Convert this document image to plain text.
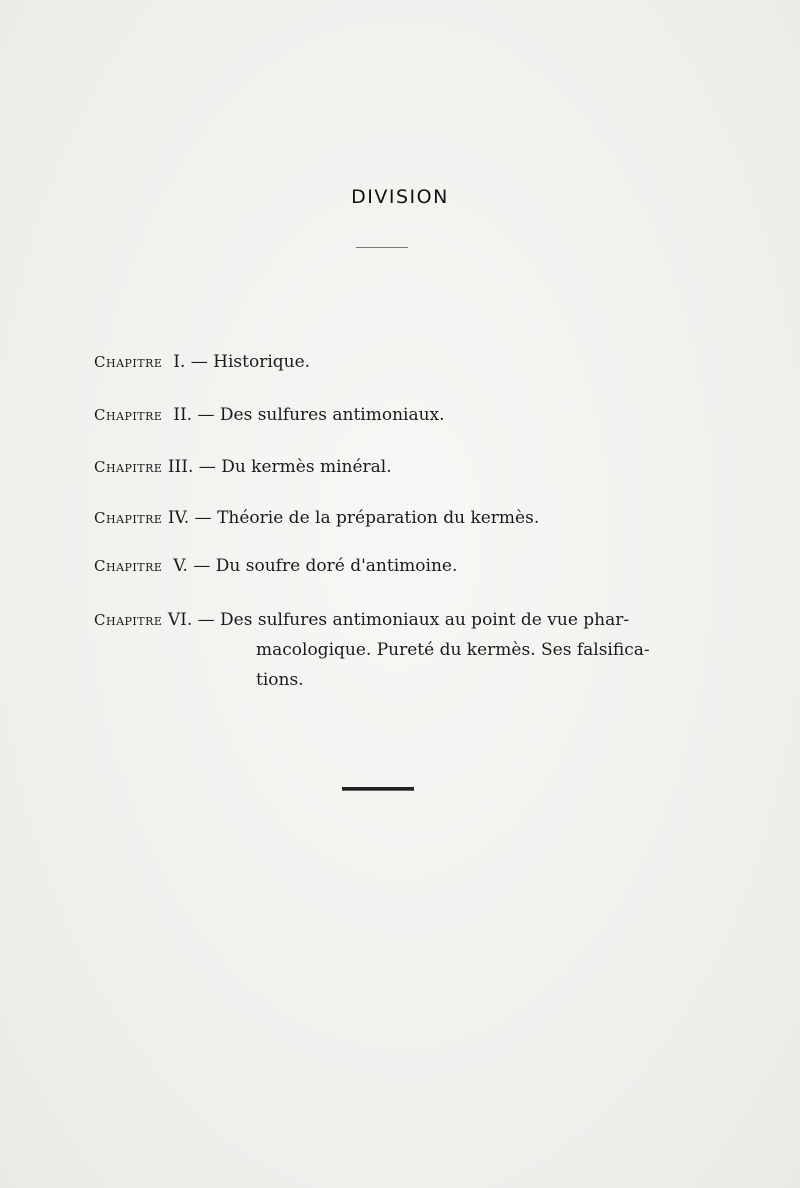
DIVISION
Chapitre I. — Historique.
Chapitre II. — Des sulfures antimoniaux.
Chapitre III. — Du kermès minéral.
Chapitre IV. — Théorie de la préparation du kermès.
Chapitre V. — Du soufre doré d'antimoine.
Chapitre VI. — Des sulfures antimoniaux au point de vue phar-
macologique. Pureté du kermès. Ses falsifica-
tions.
